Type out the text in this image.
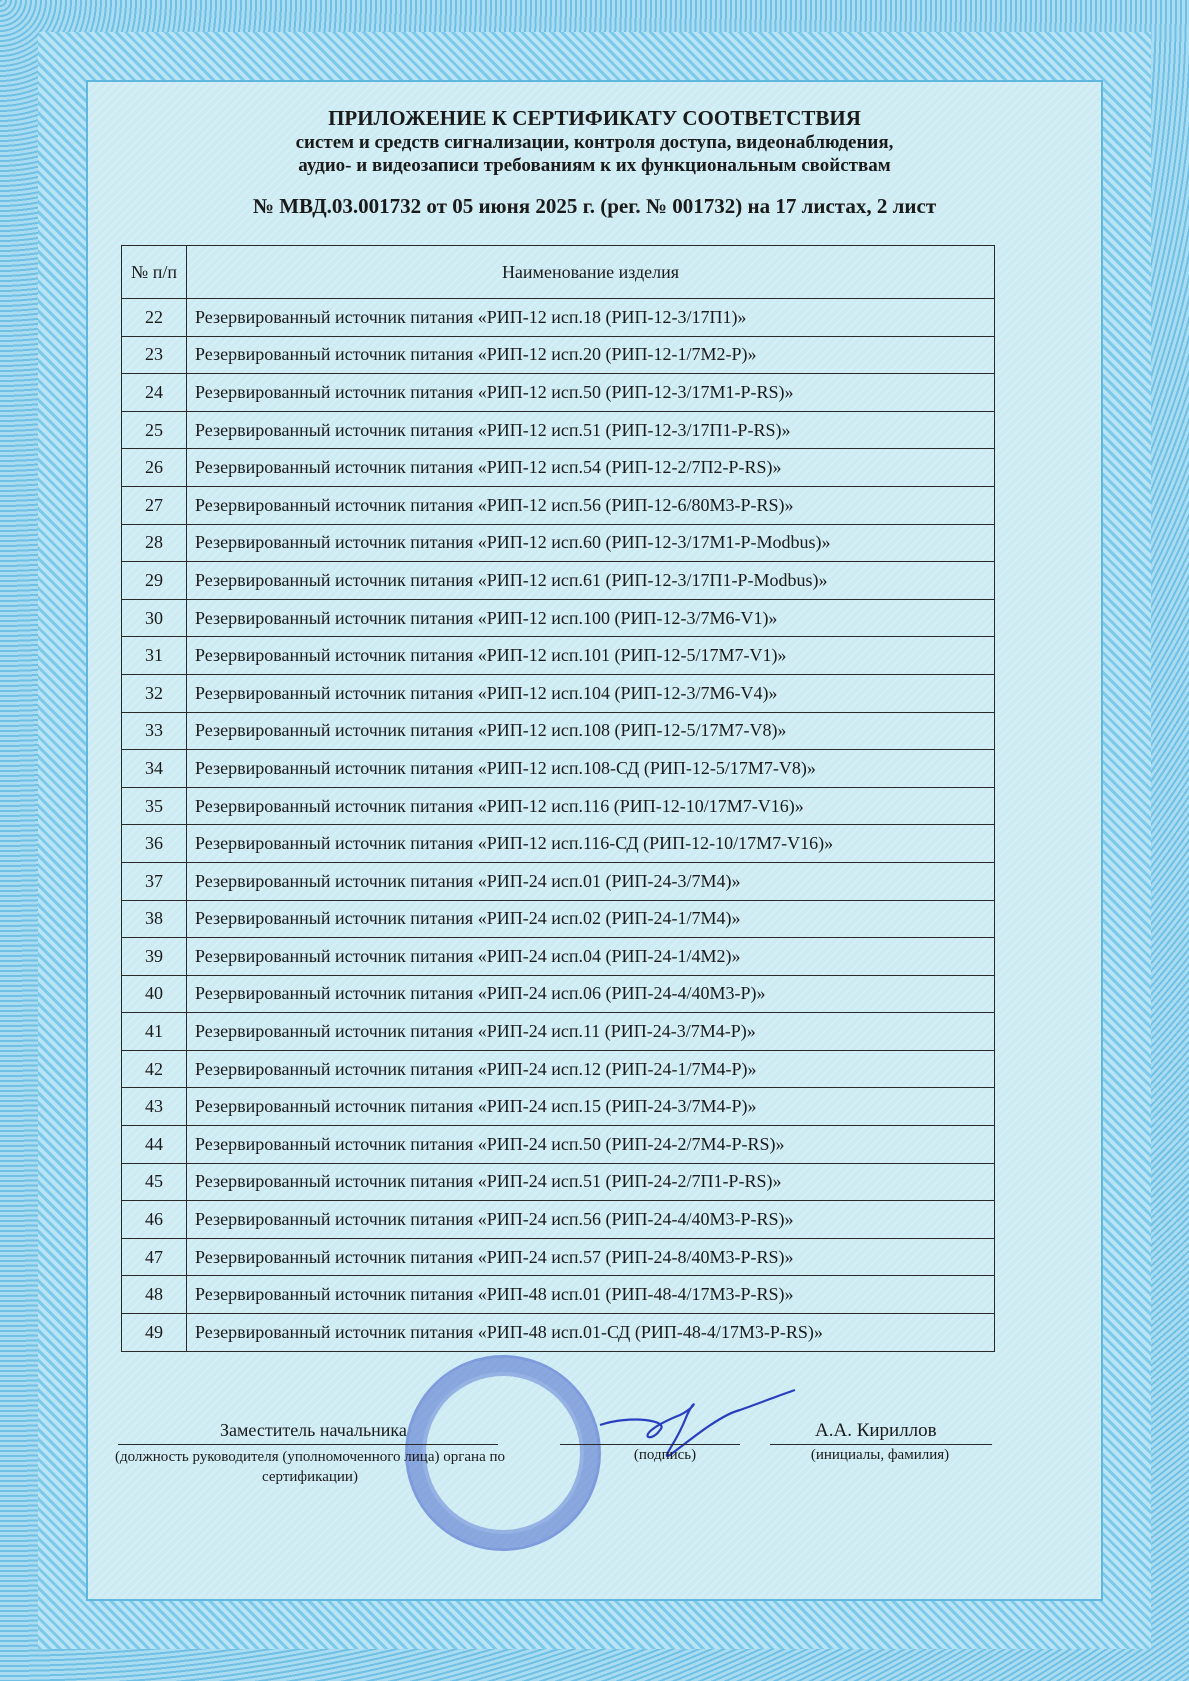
ПРИЛОЖЕНИЕ К СЕРТИФИКАТУ СООТВЕТСТВИЯ
систем и средств сигнализации, контроля доступа, видеонаблюдения,
аудио- и видеозаписи требованиям к их функциональным свойствам
№ МВД.03.001732 от 05 июня 2025 г. (рег. № 001732) на 17 листах, 2 лист
№ п/п	Наименование изделия
22	Резервированный источник питания «РИП-12 исп.18 (РИП-12-3/17П1)»
23	Резервированный источник питания «РИП-12 исп.20 (РИП-12-1/7М2-Р)»
24	Резервированный источник питания «РИП-12 исп.50 (РИП-12-3/17М1-Р-RS)»
25	Резервированный источник питания «РИП-12 исп.51 (РИП-12-3/17П1-Р-RS)»
26	Резервированный источник питания «РИП-12 исп.54 (РИП-12-2/7П2-Р-RS)»
27	Резервированный источник питания «РИП-12 исп.56 (РИП-12-6/80М3-Р-RS)»
28	Резервированный источник питания «РИП-12 исп.60 (РИП-12-3/17М1-Р-Modbus)»
29	Резервированный источник питания «РИП-12 исп.61 (РИП-12-3/17П1-Р-Modbus)»
30	Резервированный источник питания «РИП-12 исп.100 (РИП-12-3/7М6-V1)»
31	Резервированный источник питания «РИП-12 исп.101 (РИП-12-5/17М7-V1)»
32	Резервированный источник питания «РИП-12 исп.104 (РИП-12-3/7М6-V4)»
33	Резервированный источник питания «РИП-12 исп.108 (РИП-12-5/17М7-V8)»
34	Резервированный источник питания «РИП-12 исп.108-СД (РИП-12-5/17М7-V8)»
35	Резервированный источник питания «РИП-12 исп.116 (РИП-12-10/17М7-V16)»
36	Резервированный источник питания «РИП-12 исп.116-СД (РИП-12-10/17М7-V16)»
37	Резервированный источник питания «РИП-24 исп.01 (РИП-24-3/7М4)»
38	Резервированный источник питания «РИП-24 исп.02 (РИП-24-1/7М4)»
39	Резервированный источник питания «РИП-24 исп.04 (РИП-24-1/4М2)»
40	Резервированный источник питания «РИП-24 исп.06 (РИП-24-4/40М3-Р)»
41	Резервированный источник питания «РИП-24 исп.11 (РИП-24-3/7М4-Р)»
42	Резервированный источник питания «РИП-24 исп.12 (РИП-24-1/7М4-Р)»
43	Резервированный источник питания «РИП-24 исп.15 (РИП-24-3/7М4-Р)»
44	Резервированный источник питания «РИП-24 исп.50 (РИП-24-2/7М4-Р-RS)»
45	Резервированный источник питания «РИП-24 исп.51 (РИП-24-2/7П1-Р-RS)»
46	Резервированный источник питания «РИП-24 исп.56 (РИП-24-4/40М3-Р-RS)»
47	Резервированный источник питания «РИП-24 исп.57 (РИП-24-8/40М3-Р-RS)»
48	Резервированный источник питания «РИП-48 исп.01 (РИП-48-4/17М3-Р-RS)»
49	Резервированный источник питания «РИП-48 исп.01-СД (РИП-48-4/17М3-Р-RS)»
Заместитель начальника
(должность руководителя (уполномоченного лица) органа по сертификации)
(подпись)
А.А. Кириллов
(инициалы, фамилия)
